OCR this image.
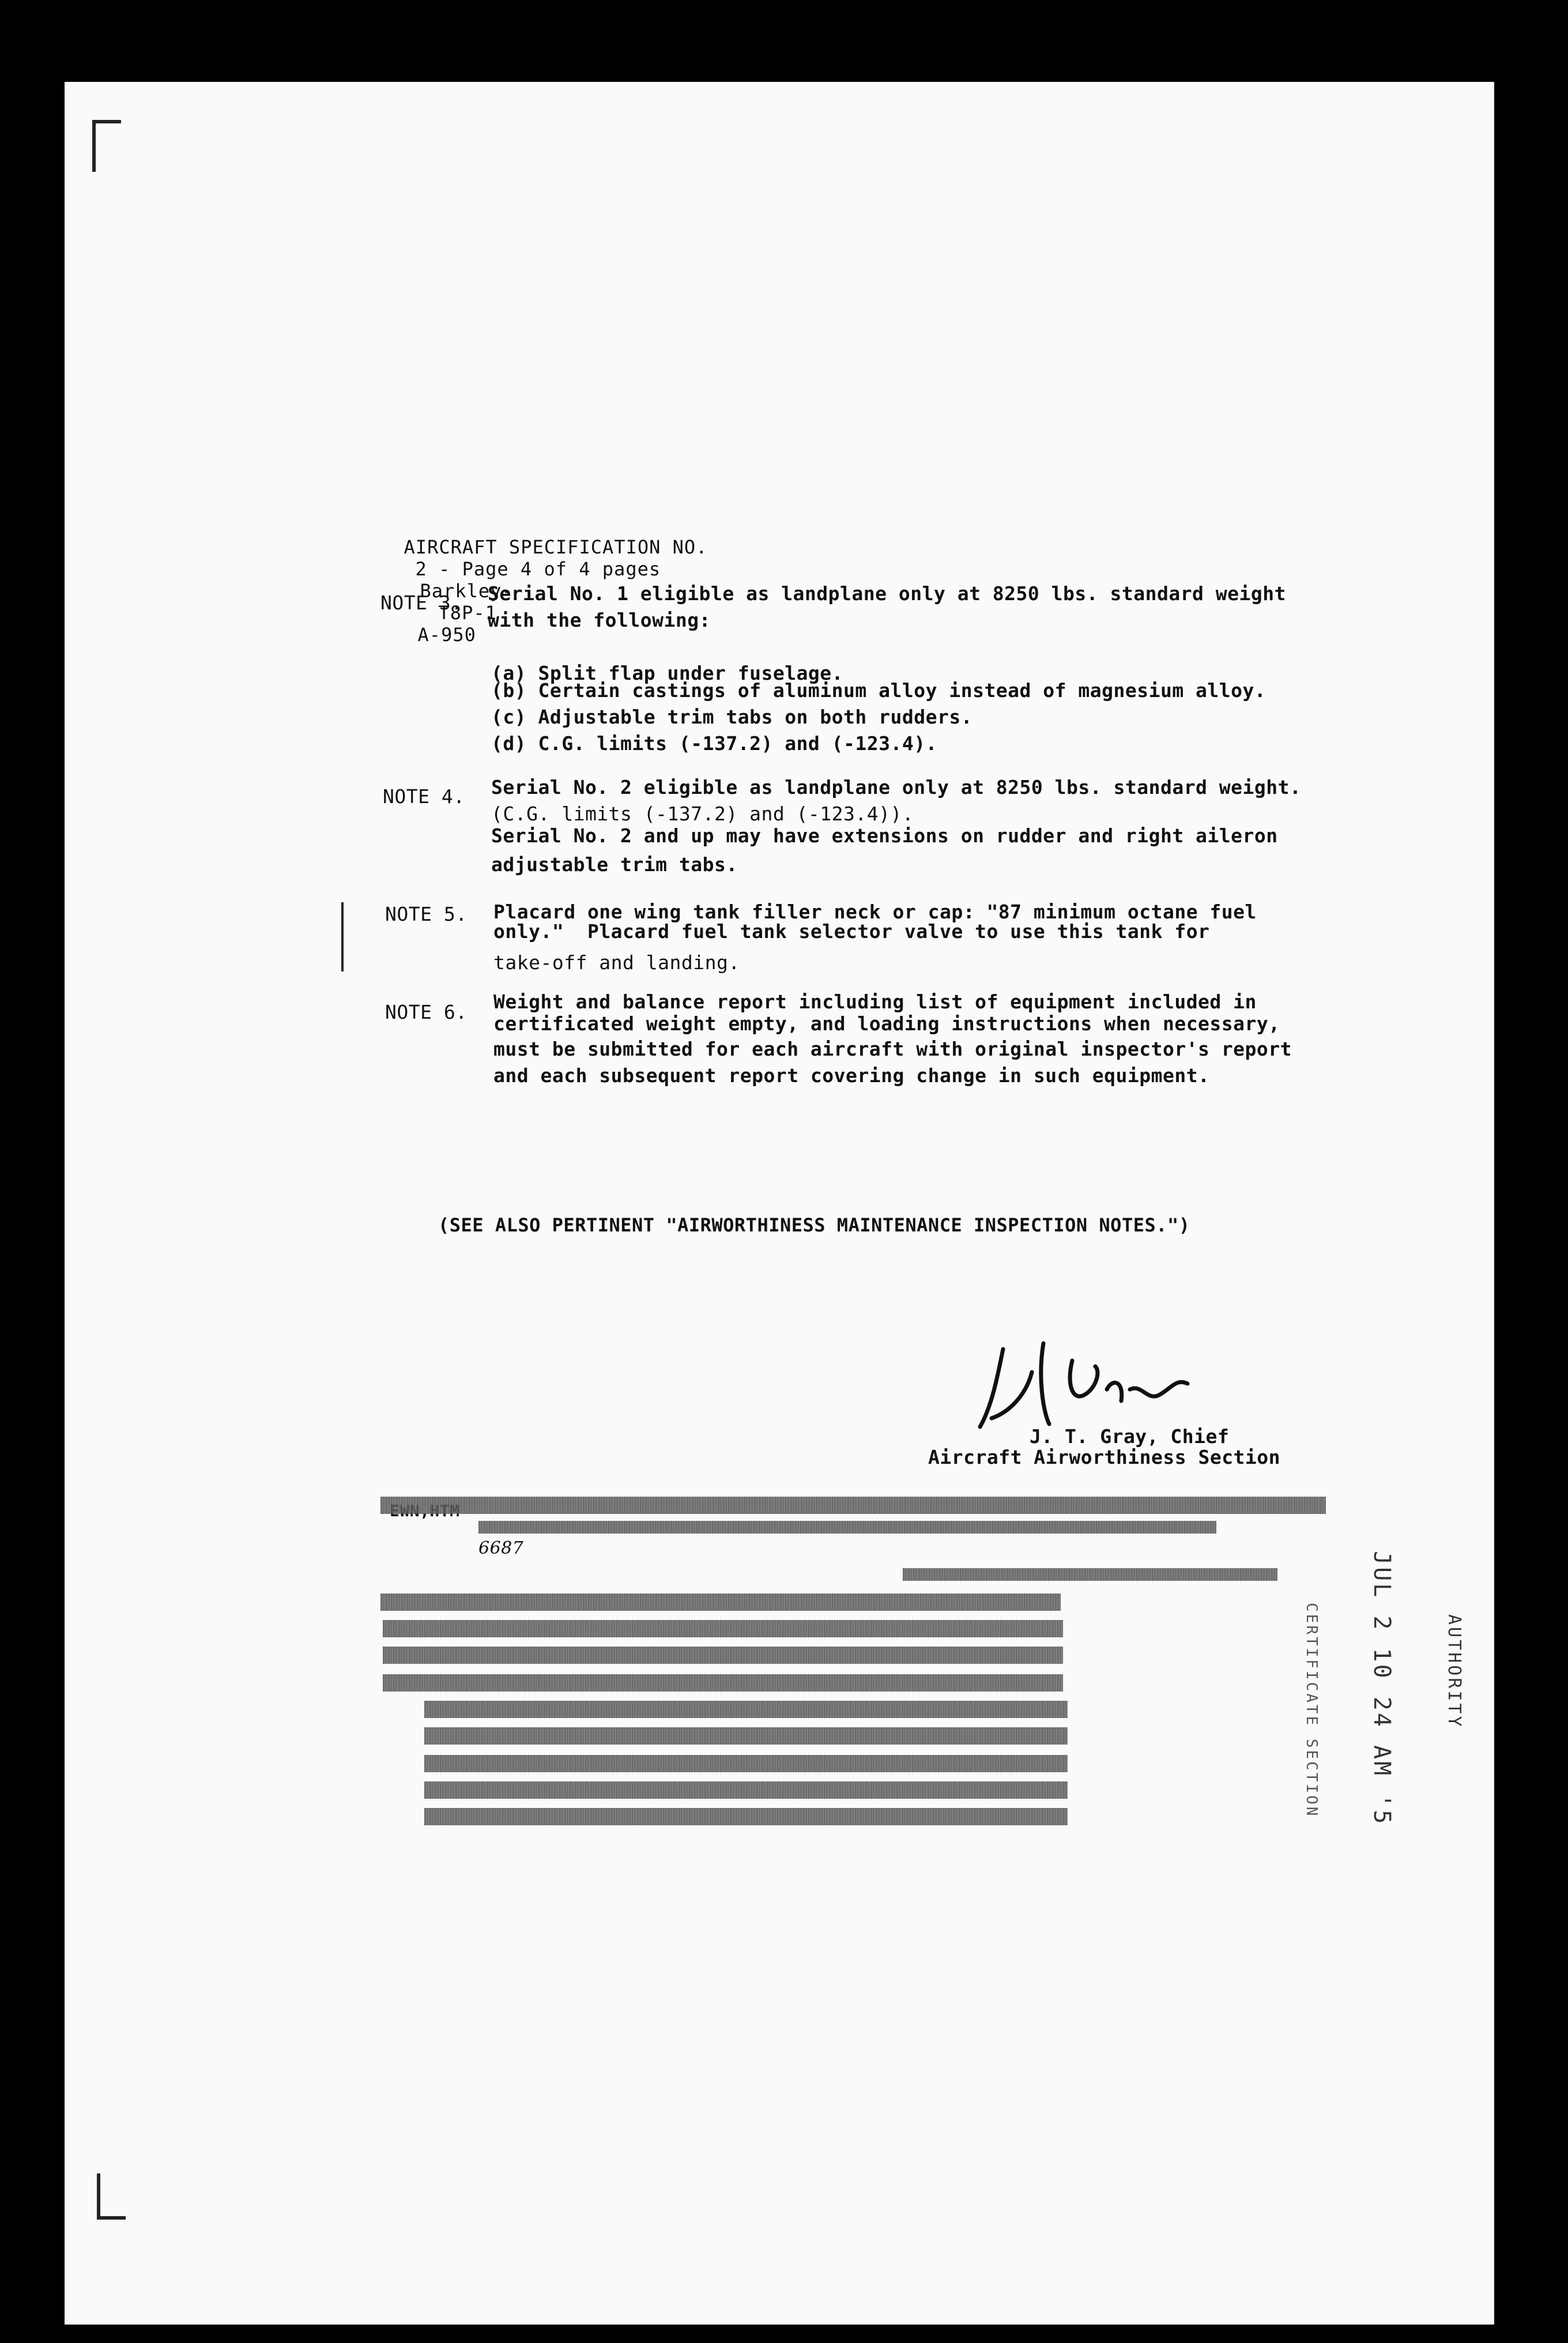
AIRCRAFT SPECIFICATION NO.
2 - Page 4 of 4 pages
Barkley-
T8P-1
A-950

NOTE 3. Serial No. 1 eligible as landplane only at 8250 lbs. standard weight
with the following:
(a) Split flap under fuselage.
(b) Certain castings of aluminum alloy instead of magnesium alloy.
(c) Adjustable trim tabs on both rudders.
(d) C.G. limits (-137.2) and (-123.4).
NOTE 4. Serial No. 2 eligible as landplane only at 8250 lbs. standard weight.
(C.G. limits (-137.2) and (-123.4)).
Serial No. 2 and up may have extensions on rudder and right aileron
adjustable trim tabs.
NOTE 5. Placard one wing tank filler neck or cap: "87 minimum octane fuel
only."  Placard fuel tank selector valve to use this tank for
take-off and landing.
NOTE 6. Weight and balance report including list of equipment included in
certificated weight empty, and loading instructions when necessary,
must be submitted for each aircraft with original inspector's report
and each subsequent report covering change in such equipment.
(SEE ALSO PERTINENT "AIRWORTHINESS MAINTENANCE INSPECTION NOTES.")
J. T. Gray, Chief
Aircraft Airworthiness Section
6687
JUL 2 10 24 AM '5	AUTHORITY
CERTIFICATE SECTION
